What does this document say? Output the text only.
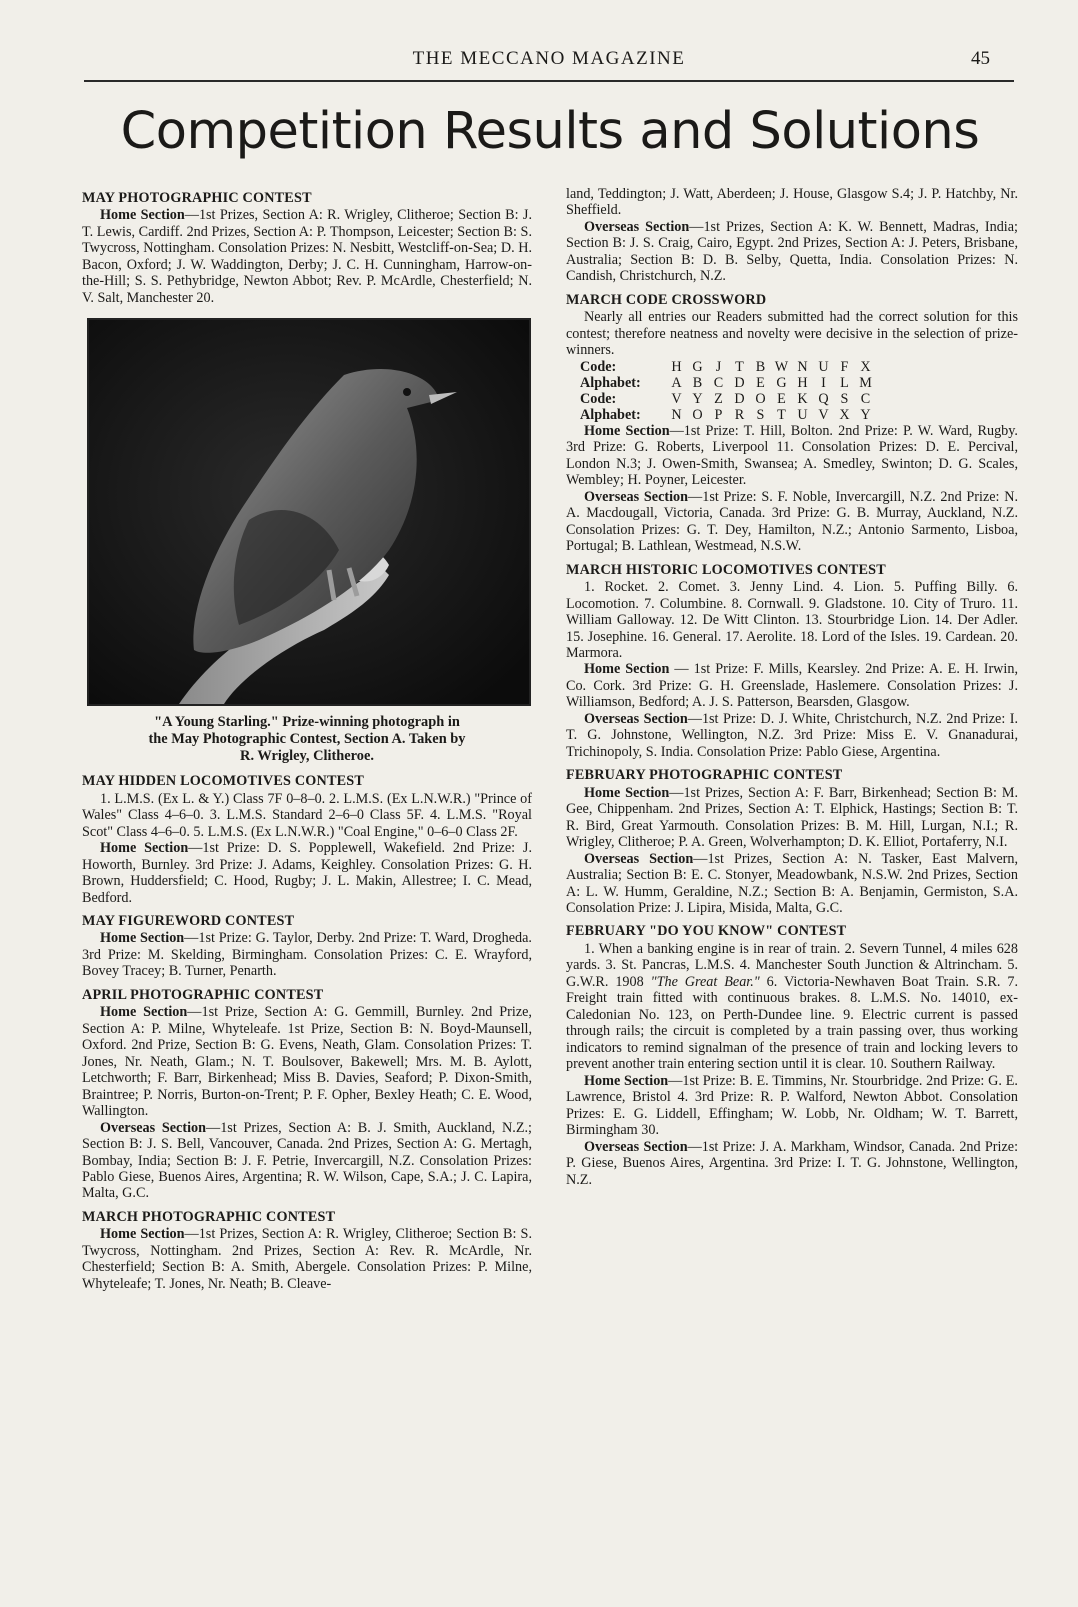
THE MECCANO MAGAZINE	45
Competition Results and Solutions
MAY PHOTOGRAPHIC CONTEST

Home Section—1st Prizes, Section A: R. Wrigley, Clitheroe; Section B: J. T. Lewis, Cardiff. 2nd Prizes, Section A: P. Thompson, Leicester; Section B: S. Twycross, Nottingham. Consolation Prizes: N. Nesbitt, Westcliff-on-Sea; D. H. Bacon, Oxford; J. W. Waddington, Derby; J. C. H. Cunningham, Harrow-on-the-Hill; S. S. Pethybridge, Newton Abbot; Rev. P. McArdle, Chesterfield; N. V. Salt, Manchester 20.

"A Young Starling." Prize-winning photograph in
the May Photographic Contest, Section A. Taken by
R. Wrigley, Clitheroe.
MAY HIDDEN LOCOMOTIVES CONTEST

1. L.M.S. (Ex L. & Y.) Class 7F 0–8–0. 2. L.M.S. (Ex L.N.W.R.) "Prince of Wales" Class 4–6–0. 3. L.M.S. Standard 2–6–0 Class 5F. 4. L.M.S. "Royal Scot" Class 4–6–0. 5. L.M.S. (Ex L.N.W.R.) "Coal Engine," 0–6–0 Class 2F.

Home Section—1st Prize: D. S. Popplewell, Wakefield. 2nd Prize: J. Howorth, Burnley. 3rd Prize: J. Adams, Keighley. Consolation Prizes: G. H. Brown, Huddersfield; C. Hood, Rugby; J. L. Makin, Allestree; I. C. Mead, Bedford.

MAY FIGUREWORD CONTEST

Home Section—1st Prize: G. Taylor, Derby. 2nd Prize: T. Ward, Drogheda. 3rd Prize: M. Skelding, Birmingham. Consolation Prizes: C. E. Wrayford, Bovey Tracey; B. Turner, Penarth.

APRIL PHOTOGRAPHIC CONTEST

Home Section—1st Prize, Section A: G. Gemmill, Burnley. 2nd Prize, Section A: P. Milne, Whyteleafe. 1st Prize, Section B: N. Boyd-Maunsell, Oxford. 2nd Prize, Section B: G. Evens, Neath, Glam. Consolation Prizes: T. Jones, Nr. Neath, Glam.; N. T. Boulsover, Bakewell; Mrs. M. B. Aylott, Letchworth; F. Barr, Birkenhead; Miss B. Davies, Seaford; P. Dixon-Smith, Braintree; P. Norris, Burton-on-Trent; P. F. Opher, Bexley Heath; C. E. Wood, Wallington.

Overseas Section—1st Prizes, Section A: B. J. Smith, Auckland, N.Z.; Section B: J. S. Bell, Vancouver, Canada. 2nd Prizes, Section A: G. Mertagh, Bombay, India; Section B: J. F. Petrie, Invercargill, N.Z. Consolation Prizes: Pablo Giese, Buenos Aires, Argentina; R. W. Wilson, Cape, S.A.; J. C. Lapira, Malta, G.C.

MARCH PHOTOGRAPHIC CONTEST

Home Section—1st Prizes, Section A: R. Wrigley, Clitheroe; Section B: S. Twycross, Nottingham. 2nd Prizes, Section A: Rev. R. McArdle, Nr. Chesterfield; Section B: A. Smith, Abergele. Consolation Prizes: P. Milne, Whyteleafe; T. Jones, Nr. Neath; B. Cleave-

land, Teddington; J. Watt, Aberdeen; J. House, Glasgow S.4; J. P. Hatchby, Nr. Sheffield.

Overseas Section—1st Prizes, Section A: K. W. Bennett, Madras, India; Section B: J. S. Craig, Cairo, Egypt. 2nd Prizes, Section A: J. Peters, Brisbane, Australia; Section B: D. B. Selby, Quetta, India. Consolation Prizes: N. Candish, Christchurch, N.Z.

MARCH CODE CROSSWORD

Nearly all entries our Readers submitted had the correct solution for this contest; therefore neatness and novelty were decisive in the selection of prize-winners.

Code:	H G J T B W N U F X
Alphabet:	A B C D E G H I	L M
Code:	V Y Z D O E K Q S C
Alphabet:	N O P R S T U V X Y

Home Section—1st Prize: T. Hill, Bolton. 2nd Prize: P. W. Ward, Rugby. 3rd Prize: G. Roberts, Liverpool 11. Consolation Prizes: D. E. Percival, London N.3; J. Owen-Smith, Swansea; A. Smedley, Swinton; D. G. Scales, Wembley; H. Poyner, Leicester.

Overseas Section—1st Prize: S. F. Noble, Invercargill, N.Z. 2nd Prize: N. A. Macdougall, Victoria, Canada. 3rd Prize: G. B. Murray, Auckland, N.Z. Consolation Prizes: G. T. Dey, Hamilton, N.Z.; Antonio Sarmento, Lisboa, Portugal; B. Lathlean, Westmead, N.S.W.

MARCH HISTORIC LOCOMOTIVES CONTEST

1. Rocket. 2. Comet. 3. Jenny Lind. 4. Lion. 5. Puffing Billy. 6. Locomotion. 7. Columbine. 8. Cornwall. 9. Gladstone. 10. City of Truro. 11. William Galloway. 12. De Witt Clinton. 13. Stourbridge Lion. 14. Der Adler. 15. Josephine. 16. General. 17. Aerolite. 18. Lord of the Isles. 19. Cardean. 20. Marmora.

Home Section — 1st Prize: F. Mills, Kearsley. 2nd Prize: A. E. H. Irwin, Co. Cork. 3rd Prize: G. H. Greenslade, Haslemere. Consolation Prizes: J. Williamson, Bedford; A. J. S. Patterson, Bearsden, Glasgow.

Overseas Section—1st Prize: D. J. White, Christchurch, N.Z. 2nd Prize: I. T. G. Johnstone, Wellington, N.Z. 3rd Prize: Miss E. V. Gnanadurai, Trichinopoly, S. India. Consolation Prize: Pablo Giese, Argentina.

FEBRUARY PHOTOGRAPHIC CONTEST

Home Section—1st Prizes, Section A: F. Barr, Birkenhead; Section B: M. Gee, Chippenham. 2nd Prizes, Section A: T. Elphick, Hastings; Section B: T. R. Bird, Great Yarmouth. Consolation Prizes: B. M. Hill, Lurgan, N.I.; R. Wrigley, Clitheroe; P. A. Green, Wolverhampton; D. K. Elliot, Portaferry, N.I.

Overseas Section—1st Prizes, Section A: N. Tasker, East Malvern, Australia; Section B: E. C. Stonyer, Meadowbank, N.S.W. 2nd Prizes, Section A: L. W. Humm, Geraldine, N.Z.; Section B: A. Benjamin, Germiston, S.A. Consolation Prize: J. Lipira, Misida, Malta, G.C.

FEBRUARY "DO YOU KNOW" CONTEST

1. When a banking engine is in rear of train. 2. Severn Tunnel, 4 miles 628 yards. 3. St. Pancras, L.M.S. 4. Manchester South Junction & Altrincham. 5. G.W.R. 1908 "The Great Bear." 6. Victoria-Newhaven Boat Train. S.R. 7. Freight train fitted with continuous brakes. 8. L.M.S. No. 14010, ex-Caledonian No. 123, on Perth-Dundee line. 9. Electric current is passed through rails; the circuit is completed by a train passing over, thus working indicators to remind signalman of the presence of train and locking levers to prevent another train entering section until it is clear. 10. Southern Railway.

Home Section—1st Prize: B. E. Timmins, Nr. Stourbridge. 2nd Prize: G. E. Lawrence, Bristol 4. 3rd Prize: R. P. Walford, Newton Abbot. Consolation Prizes: E. G. Liddell, Effingham; W. Lobb, Nr. Oldham; W. T. Barrett, Birmingham 30.

Overseas Section—1st Prize: J. A. Markham, Windsor, Canada. 2nd Prize: P. Giese, Buenos Aires, Argentina. 3rd Prize: I. T. G. Johnstone, Wellington, N.Z.
